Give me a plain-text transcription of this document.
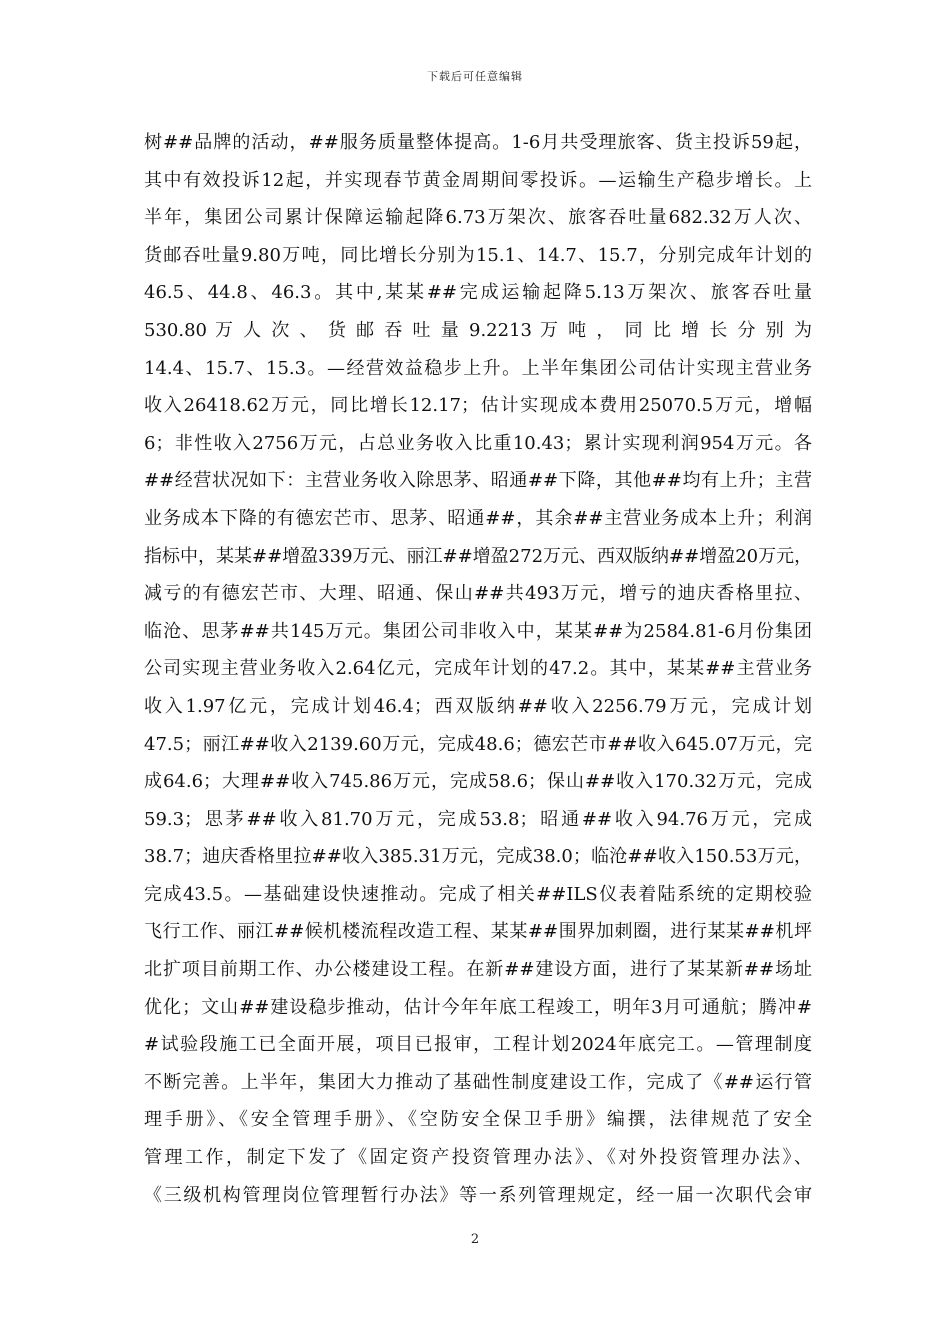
下载后可任意编辑
树##品牌的活动，##服务质量整体提高。1-6月共受理旅客、货主投诉59起，
其中有效投诉12起，并实现春节黄金周期间零投诉。—运输生产稳步增长。上
半年，集团公司累计保障运输起降6.73万架次、旅客吞吐量682.32万人次、
货邮吞吐量9.80万吨，同比增长分别为15.1、14.7、15.7，分别完成年计划的
46.5、44.8、46.3。其中,某某##完成运输起降5.13万架次、旅客吞吐量
530.80 万 人 次 、 货 邮 吞 吐 量 9.2213 万 吨 ， 同 比 增 长 分 别 为
14.4、15.7、15.3。—经营效益稳步上升。上半年集团公司估计实现主营业务
收入26418.62万元，同比增长12.17；估计实现成本费用25070.5万元，增幅
6；非性收入2756万元，占总业务收入比重10.43；累计实现利润954万元。各
##经营状况如下：主营业务收入除思茅、昭通##下降，其他##均有上升；主营
业务成本下降的有德宏芒市、思茅、昭通##，其余##主营业务成本上升；利润
指标中，某某##增盈339万元、丽江##增盈272万元、西双版纳##增盈20万元，
减亏的有德宏芒市、大理、昭通、保山##共493万元，增亏的迪庆香格里拉、
临沧、思茅##共145万元。集团公司非收入中，某某##为2584.81-6月份集团
公司实现主营业务收入2.64亿元，完成年计划的47.2。其中，某某##主营业务
收入1.97亿元，完成计划46.4；西双版纳##收入2256.79万元，完成计划
47.5；丽江##收入2139.60万元，完成48.6；德宏芒市##收入645.07万元，完
成64.6；大理##收入745.86万元，完成58.6；保山##收入170.32万元，完成
59.3；思茅##收入81.70万元，完成53.8；昭通##收入94.76万元，完成
38.7；迪庆香格里拉##收入385.31万元，完成38.0；临沧##收入150.53万元，
完成43.5。—基础建设快速推动。完成了相关##ILS仪表着陆系统的定期校验
飞行工作、丽江##候机楼流程改造工程、某某##围界加刺圈，进行某某##机坪
北扩项目前期工作、办公楼建设工程。在新##建设方面，进行了某某新##场址
优化；文山##建设稳步推动，估计今年年底工程竣工，明年3月可通航；腾冲#
#试验段施工已全面开展，项目已报审，工程计划2024年底完工。—管理制度
不断完善。上半年，集团大力推动了基础性制度建设工作，完成了《##运行管
理手册》、《安全管理手册》、《空防安全保卫手册》编撰，法律规范了安全
管理工作，制定下发了《固定资产投资管理办法》、《对外投资管理办法》、
《三级机构管理岗位管理暂行办法》等一系列管理规定，经一届一次职代会审
2
